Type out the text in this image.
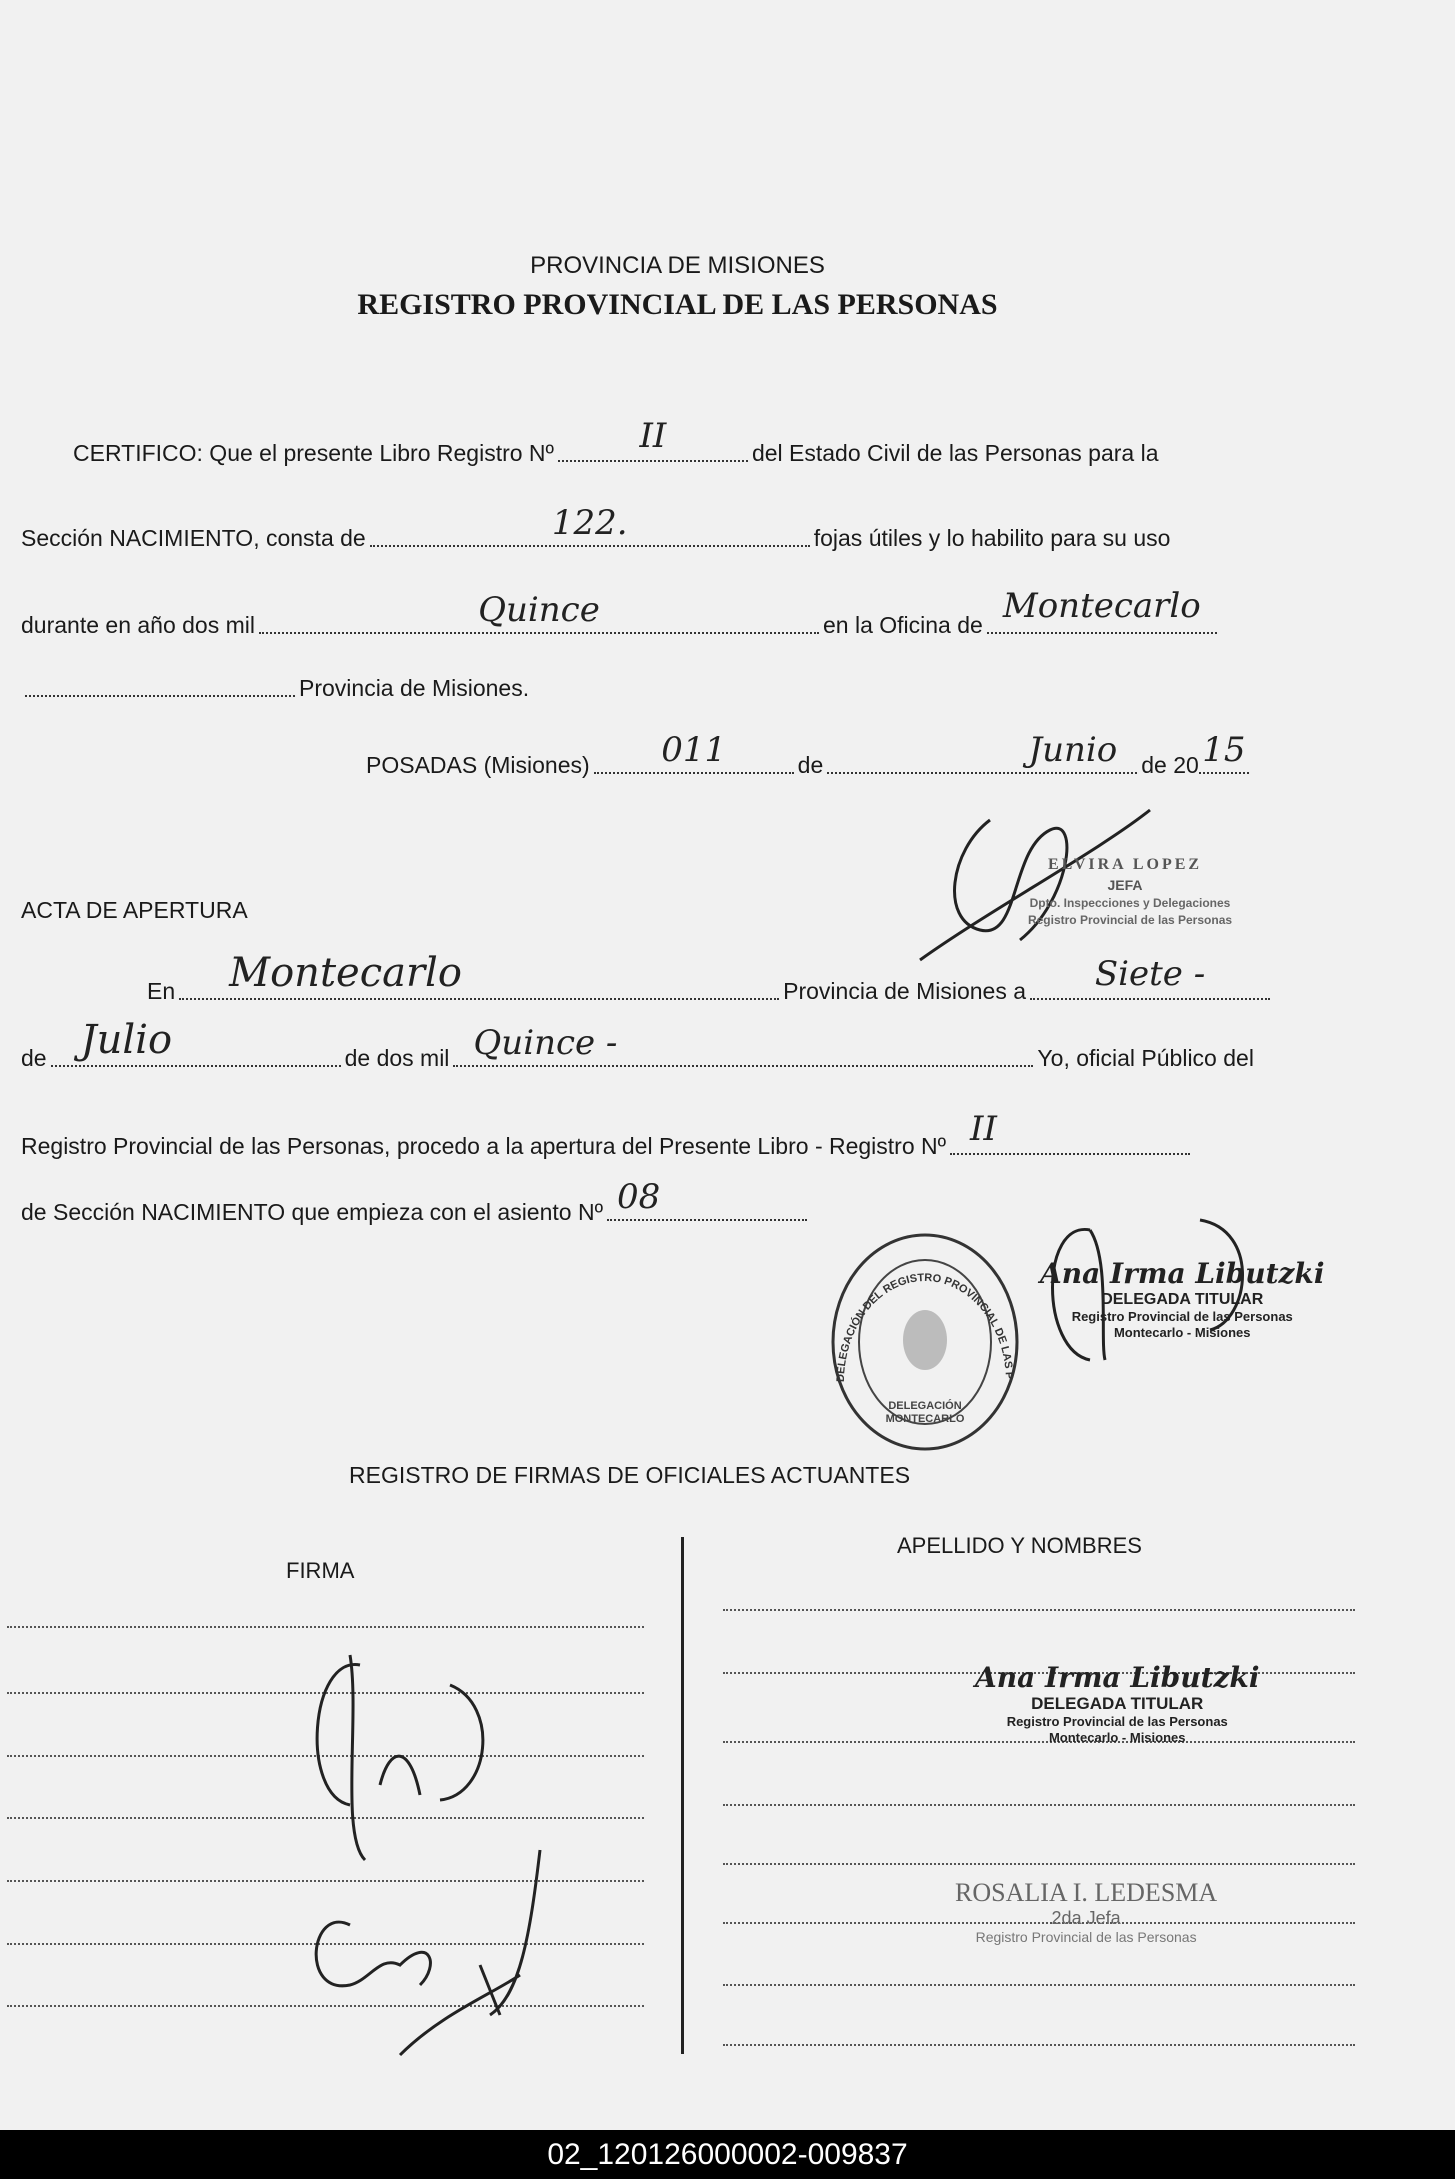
PROVINCIA DE MISIONES
REGISTRO PROVINCIAL DE LAS PERSONAS
CERTIFICO: Que el presente Libro Registro Nº	II	del Estado Civil de las Personas para la
Sección NACIMIENTO, consta de	122.	fojas útiles y lo habilito para su uso
durante en año dos mil	Quince	en la Oficina de Montecarlo
Provincia de Misiones.
POSADAS (Misiones)	011	de	Junio	de 20 15
ELVIRA LOPEZ
JEFA
Dpto. Inspecciones y Delegaciones
Registro Provincial de las Personas
ACTA DE APERTURA
En	Montecarlo	Provincia de Misiones a	Siete -
de Julio	de dos mil Quince -	Yo, oficial Público del
Registro Provincial de las Personas, procedo a la apertura del Presente Libro - Registro Nº II
de Sección NACIMIENTO que empieza con el asiento Nº 08
DELEGACIÓN DEL REGISTRO PROVINCIAL DE LAS P
DELEGACIÓN MONTECARLO
Ana Irma Libutzki
DELEGADA TITULAR
Registro Provincial de las Personas
Montecarlo - Misiones
REGISTRO DE FIRMAS DE OFICIALES ACTUANTES
FIRMA
APELLIDO Y NOMBRES
Ana Irma Libutzki
DELEGADA TITULAR
Registro Provincial de las Personas
Montecarlo - Misiones
ROSALIA I. LEDESMA
2da Jefa
Registro Provincial de las Personas
02_120126000002-009837
